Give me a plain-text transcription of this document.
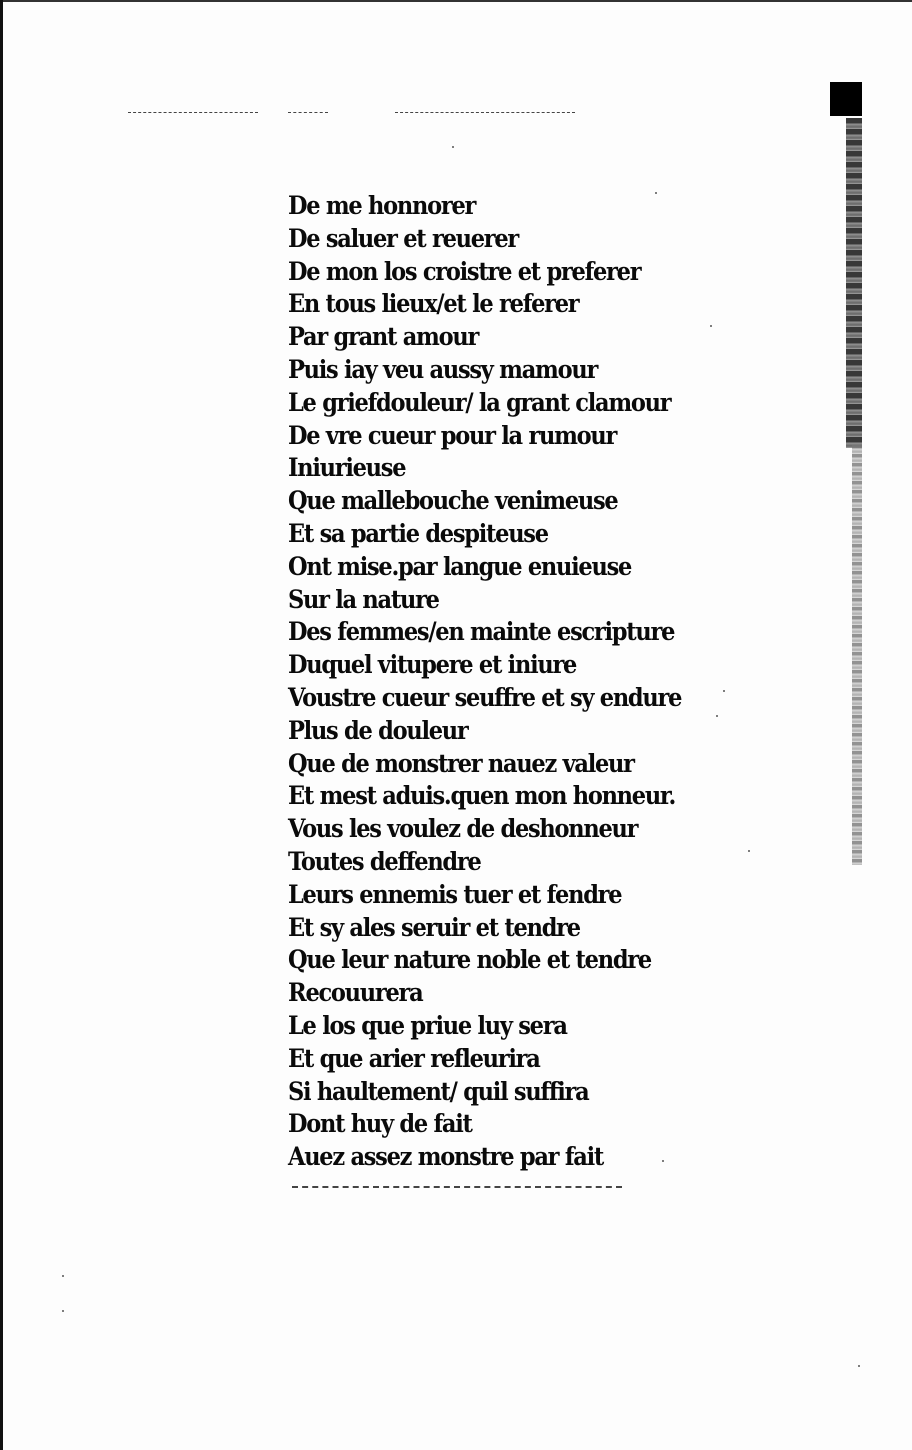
De me honnorer
De saluer et reuerer
De mon los croistre et preferer
En tous lieux/et le referer
Par grant amour
Puis iay veu aussy mamour
Le griefdouleur/ la grant clamour
De vre cueur pour la rumour
Iniurieuse
Que mallebouche venimeuse
Et sa partie despiteuse
Ont mise.par langue enuieuse
Sur la nature
Des femmes/en mainte escripture
Duquel vitupere et iniure
Voustre cueur seuffre et sy endure
Plus de douleur
Que de monstrer nauez valeur
Et mest aduis.quen mon honneur.
Vous les voulez de deshonneur
Toutes deffendre
Leurs ennemis tuer et fendre
Et sy ales seruir et tendre
Que leur nature noble et tendre
Recouurera
Le los que priue luy sera
Et que arier refleurira
Si haultement/ quil suffira
Dont huy de fait
Auez assez monstre par fait
